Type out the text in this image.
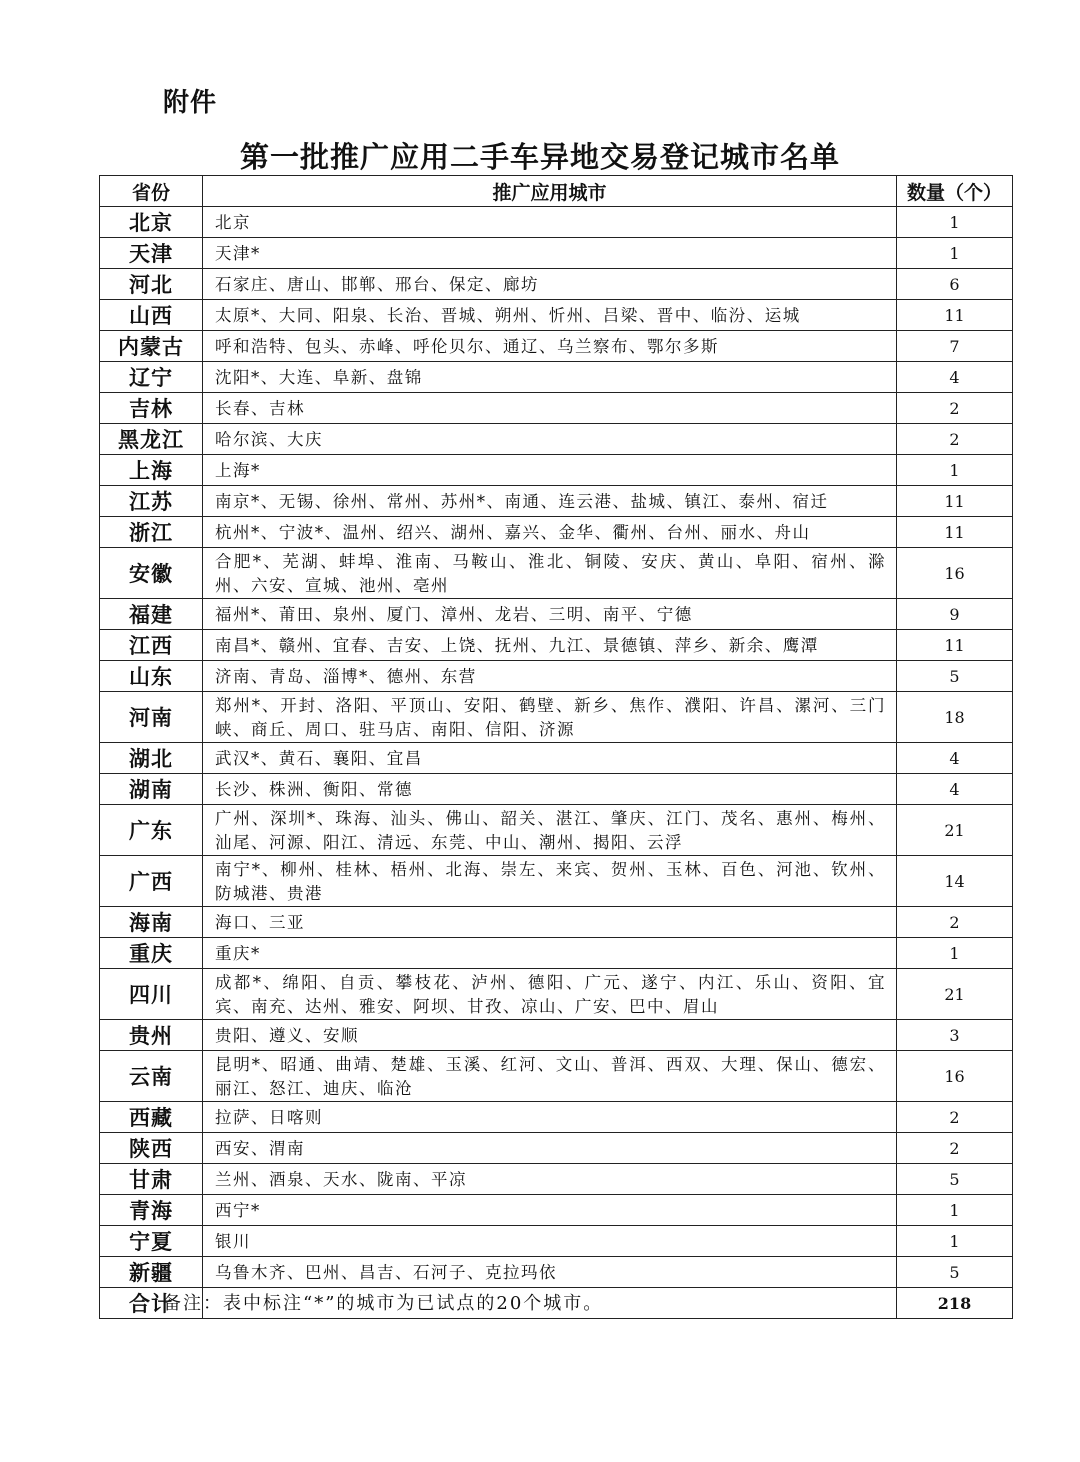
附件
第一批推广应用二手车异地交易登记城市名单
省份	推广应用城市	数量（个）
北京	北京	1
天津	天津*	1
河北	石家庄、唐山、邯郸、邢台、保定、廊坊	6
山西	太原*、大同、阳泉、长治、晋城、朔州、忻州、吕梁、晋中、临汾、运城	11
内蒙古	呼和浩特、包头、赤峰、呼伦贝尔、通辽、乌兰察布、鄂尔多斯	7
辽宁	沈阳*、大连、阜新、盘锦	4
吉林	长春、吉林	2
黑龙江	哈尔滨、大庆	2
上海	上海*	1
江苏	南京*、无锡、徐州、常州、苏州*、南通、连云港、盐城、镇江、泰州、宿迁	11
浙江	杭州*、宁波*、温州、绍兴、湖州、嘉兴、金华、衢州、台州、丽水、舟山	11
安徽	合肥*、芜湖、蚌埠、淮南、马鞍山、淮北、铜陵、安庆、黄山、阜阳、宿州、滁州、六安、宣城、池州、亳州	16
福建	福州*、莆田、泉州、厦门、漳州、龙岩、三明、南平、宁德	9
江西	南昌*、赣州、宜春、吉安、上饶、抚州、九江、景德镇、萍乡、新余、鹰潭	11
山东	济南、青岛、淄博*、德州、东营	5
河南	郑州*、开封、洛阳、平顶山、安阳、鹤壁、新乡、焦作、濮阳、许昌、漯河、三门峡、商丘、周口、驻马店、南阳、信阳、济源	18
湖北	武汉*、黄石、襄阳、宜昌	4
湖南	长沙、株洲、衡阳、常德	4
广东	广州、深圳*、珠海、汕头、佛山、韶关、湛江、肇庆、江门、茂名、惠州、梅州、汕尾、河源、阳江、清远、东莞、中山、潮州、揭阳、云浮	21
广西	南宁*、柳州、桂林、梧州、北海、崇左、来宾、贺州、玉林、百色、河池、钦州、防城港、贵港	14
海南	海口、三亚	2
重庆	重庆*	1
四川	成都*、绵阳、自贡、攀枝花、泸州、德阳、广元、遂宁、内江、乐山、资阳、宜宾、南充、达州、雅安、阿坝、甘孜、凉山、广安、巴中、眉山	21
贵州	贵阳、遵义、安顺	3
云南	昆明*、昭通、曲靖、楚雄、玉溪、红河、文山、普洱、西双、大理、保山、德宏、丽江、怒江、迪庆、临沧	16
西藏	拉萨、日喀则	2
陕西	西安、渭南	2
甘肃	兰州、酒泉、天水、陇南、平凉	5
青海	西宁*	1
宁夏	银川	1
新疆	乌鲁木齐、巴州、昌吉、石河子、克拉玛依	5
合计		218
备注：表中标注“*”的城市为已试点的20个城市。
